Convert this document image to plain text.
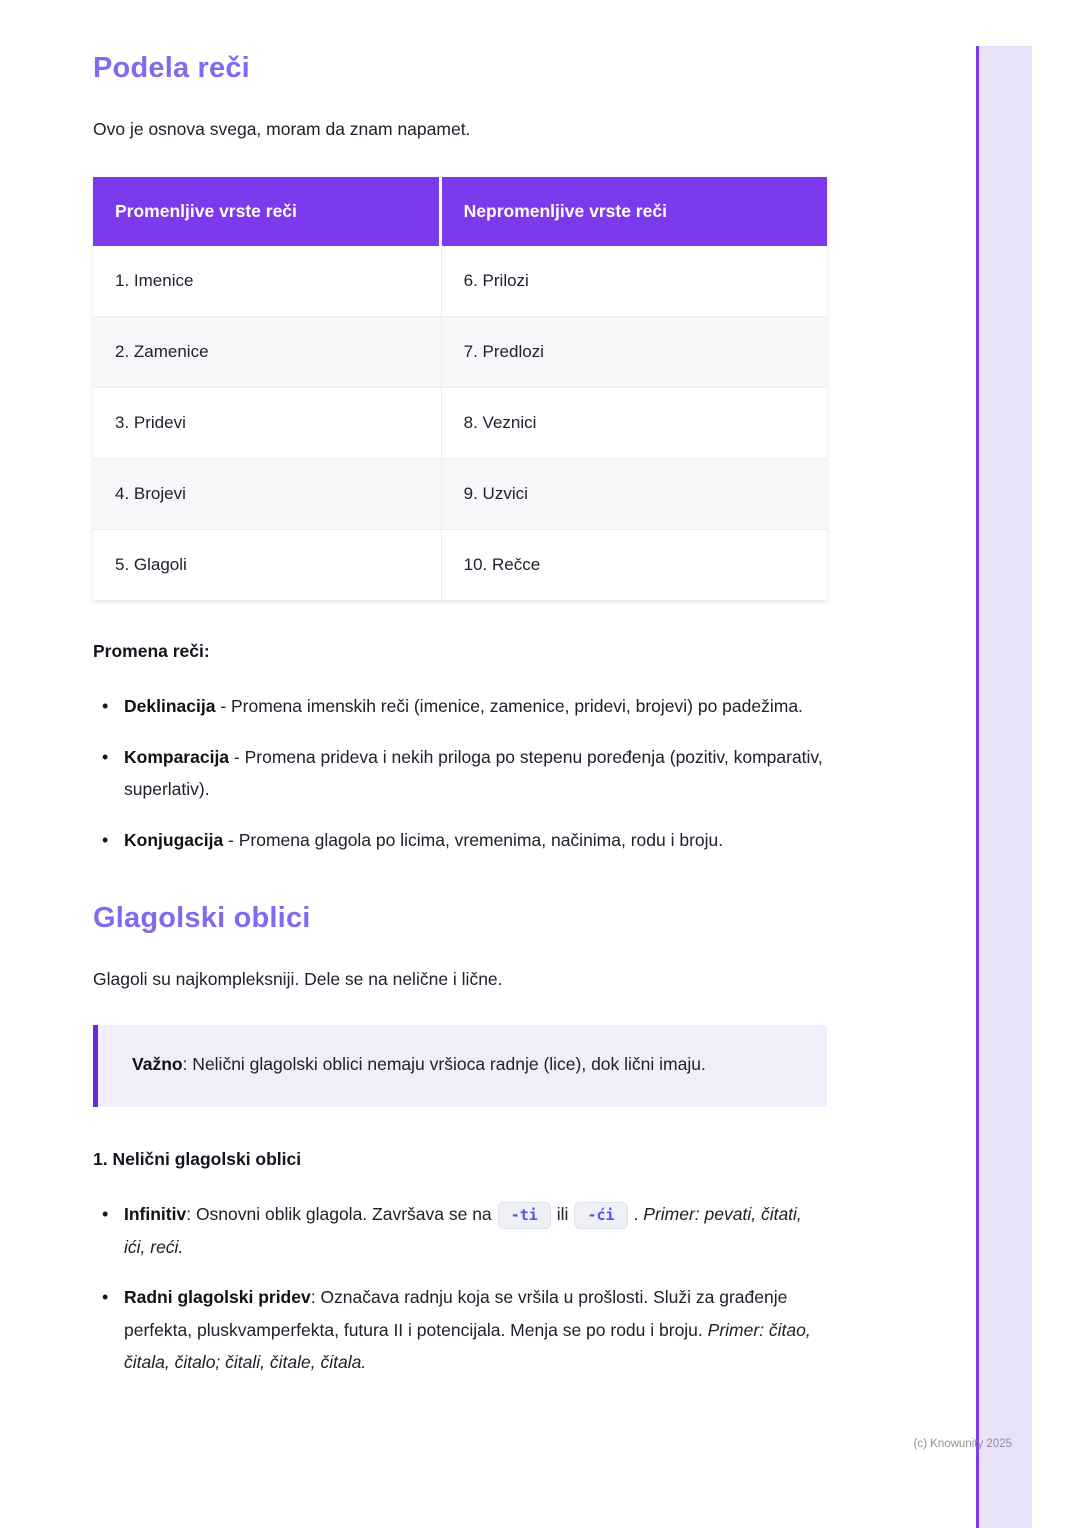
Podela reči

Ovo je osnova svega, moram da znam napamet.

Promenljive vrste reči	Nepromenljive vrste reči
1. Imenice	6. Prilozi
2. Zamenice	7. Predlozi
3. Pridevi	8. Veznici
4. Brojevi	9. Uzvici
5. Glagoli	10. Rečce
Promena reči:
• Deklinacija - Promena imenskih reči (imenice, zamenice, pridevi, brojevi) po padežima.
• Komparacija - Promena prideva i nekih priloga po stepenu poređenja (pozitiv, komparativ, superlativ).
• Konjugacija - Promena glagola po licima, vremenima, načinima, rodu i broju.
Glagolski oblici

Glagoli su najkompleksniji. Dele se na nelične i lične.

Važno: Nelični glagolski oblici nemaju vršioca radnje (lice), dok lični imaju.
1. Nelični glagolski oblici
• Infinitiv: Osnovni oblik glagola. Završava se na -ti ili -ći . Primer: pevati, čitati, ići, reći.
• Radni glagolski pridev: Označava radnju koja se vršila u prošlosti. Služi za građenje perfekta, pluskvamperfekta, futura II i potencijala. Menja se po rodu i broju. Primer: čitao, čitala, čitalo; čitali, čitale, čitala.
(c) Knowunity 2025
